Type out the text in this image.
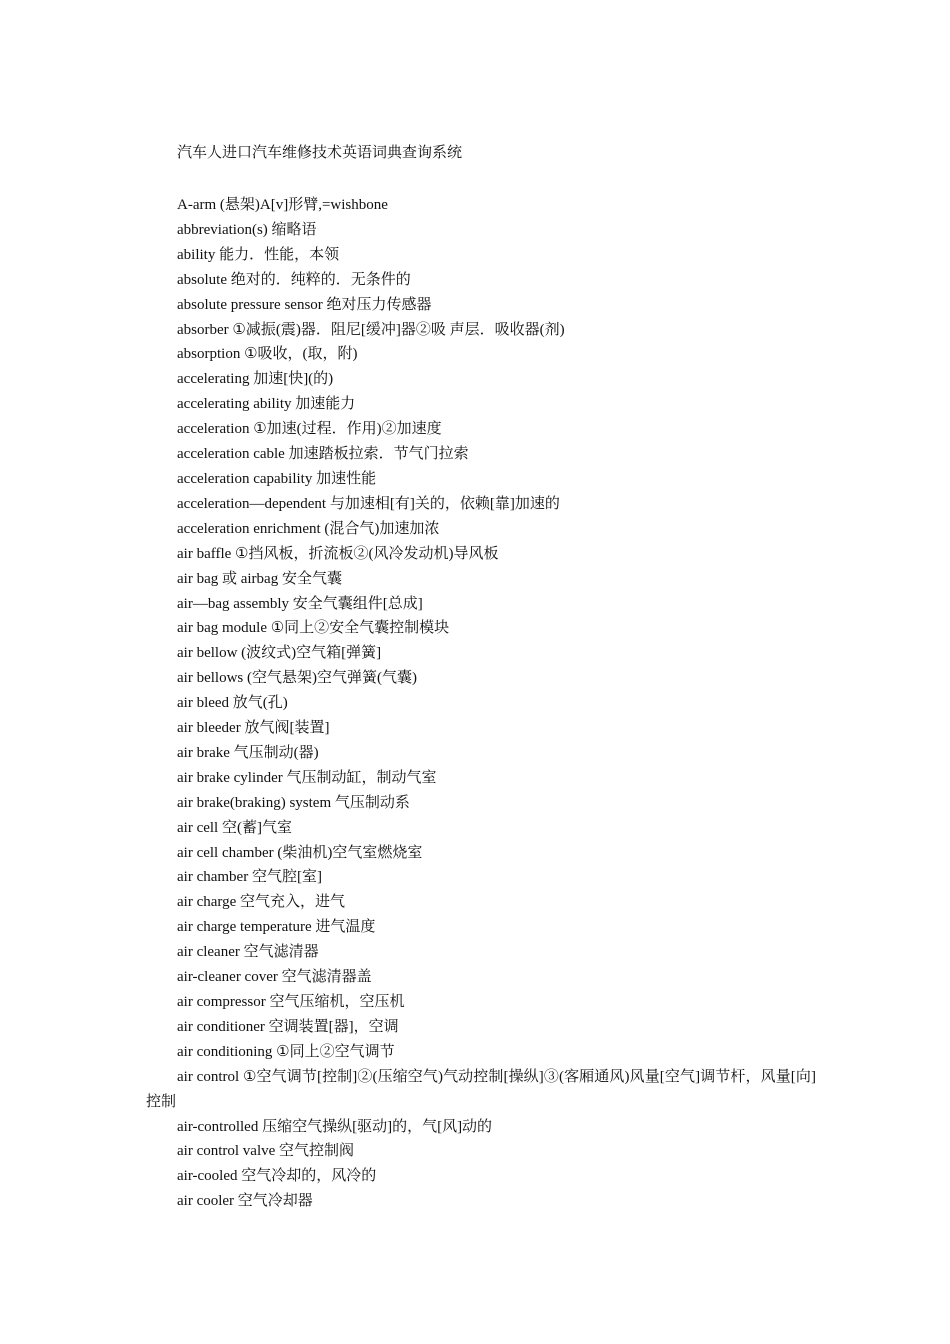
汽车人进口汽车维修技术英语词典查询系统

A-arm (悬架)A[v]形臂,=wishbone

abbreviation(s) 缩略语

ability 能力．性能，本领

absolute 绝对的．纯粹的．无条件的

absolute pressure sensor 绝对压力传感器

absorber ①减振(震)器．阻尼[缓冲]器②吸 声层．吸收器(剂)

absorption ①吸收，(取，附)

accelerating 加速[快](的)

accelerating ability 加速能力

acceleration ①加速(过程．作用)②加速度

acceleration cable 加速踏板拉索．节气门拉索

acceleration capability 加速性能

acceleration—dependent 与加速相[有]关的，依赖[靠]加速的

acceleration enrichment (混合气)加速加浓

air baffle ①挡风板，折流板②(风冷发动机)导风板

air bag 或 airbag 安全气囊

air—bag assembly 安全气囊组件[总成]

air bag module ①同上②安全气囊控制模块

air bellow (波纹式)空气箱[弹簧]

air bellows (空气悬架)空气弹簧(气囊)

air bleed 放气(孔)

air bleeder 放气阀[装置]

air brake 气压制动(器)

air brake cylinder 气压制动缸，制动气室

air brake(braking) system 气压制动系

air cell 空(蓄]气室

air cell chamber (柴油机)空气室燃烧室

air chamber 空气腔[室]

air charge 空气充入，进气

air charge temperature 进气温度

air cleaner 空气滤清器

air-cleaner cover 空气滤清器盖

air compressor 空气压缩机，空压机

air conditioner 空调装置[器]，空调

air conditioning ①同上②空气调节

air control ①空气调节[控制]②(压缩空气)气动控制[操纵]③(客厢通风)风量[空气]调节杆，风量[向]控制

air-controlled 压缩空气操纵[驱动]的，气[风]动的

air control valve 空气控制阀

air-cooled 空气冷却的，风冷的

air cooler 空气冷却器
